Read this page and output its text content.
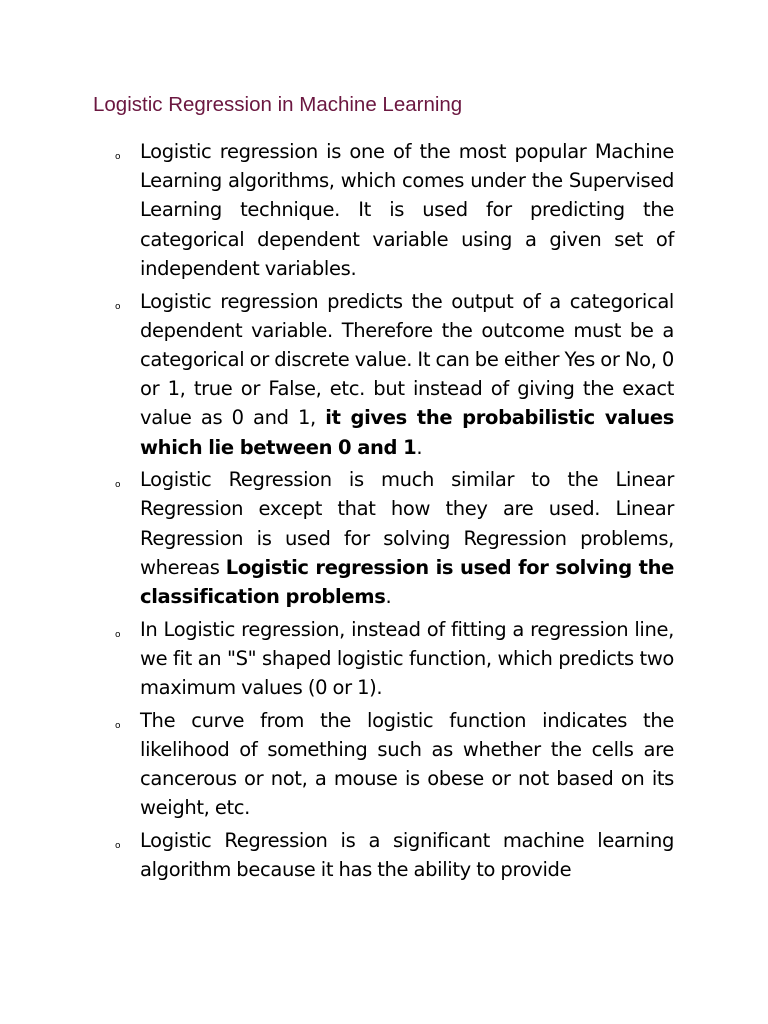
Logistic Regression in Machine Learning
o Logistic regression is one of the most popular Machine Learning algorithms, which comes under the Supervised Learning technique. It is used for predicting the categorical dependent variable using a given set of independent variables.
o Logistic regression predicts the output of a categorical dependent variable. Therefore the outcome must be a categorical or discrete value. It can be either Yes or No, 0 or 1, true or False, etc. but instead of giving the exact value as 0 and 1, it gives the probabilistic values which lie between 0 and 1.
o Logistic Regression is much similar to the Linear Regression except that how they are used. Linear Regression is used for solving Regression problems, whereas Logistic regression is used for solving the classification problems.
o In Logistic regression, instead of fitting a regression line, we fit an "S" shaped logistic function, which predicts two maximum values (0 or 1).
o The curve from the logistic function indicates the likelihood of something such as whether the cells are cancerous or not, a mouse is obese or not based on its weight, etc.
o Logistic Regression is a significant machine learning algorithm because it has the ability to provide
